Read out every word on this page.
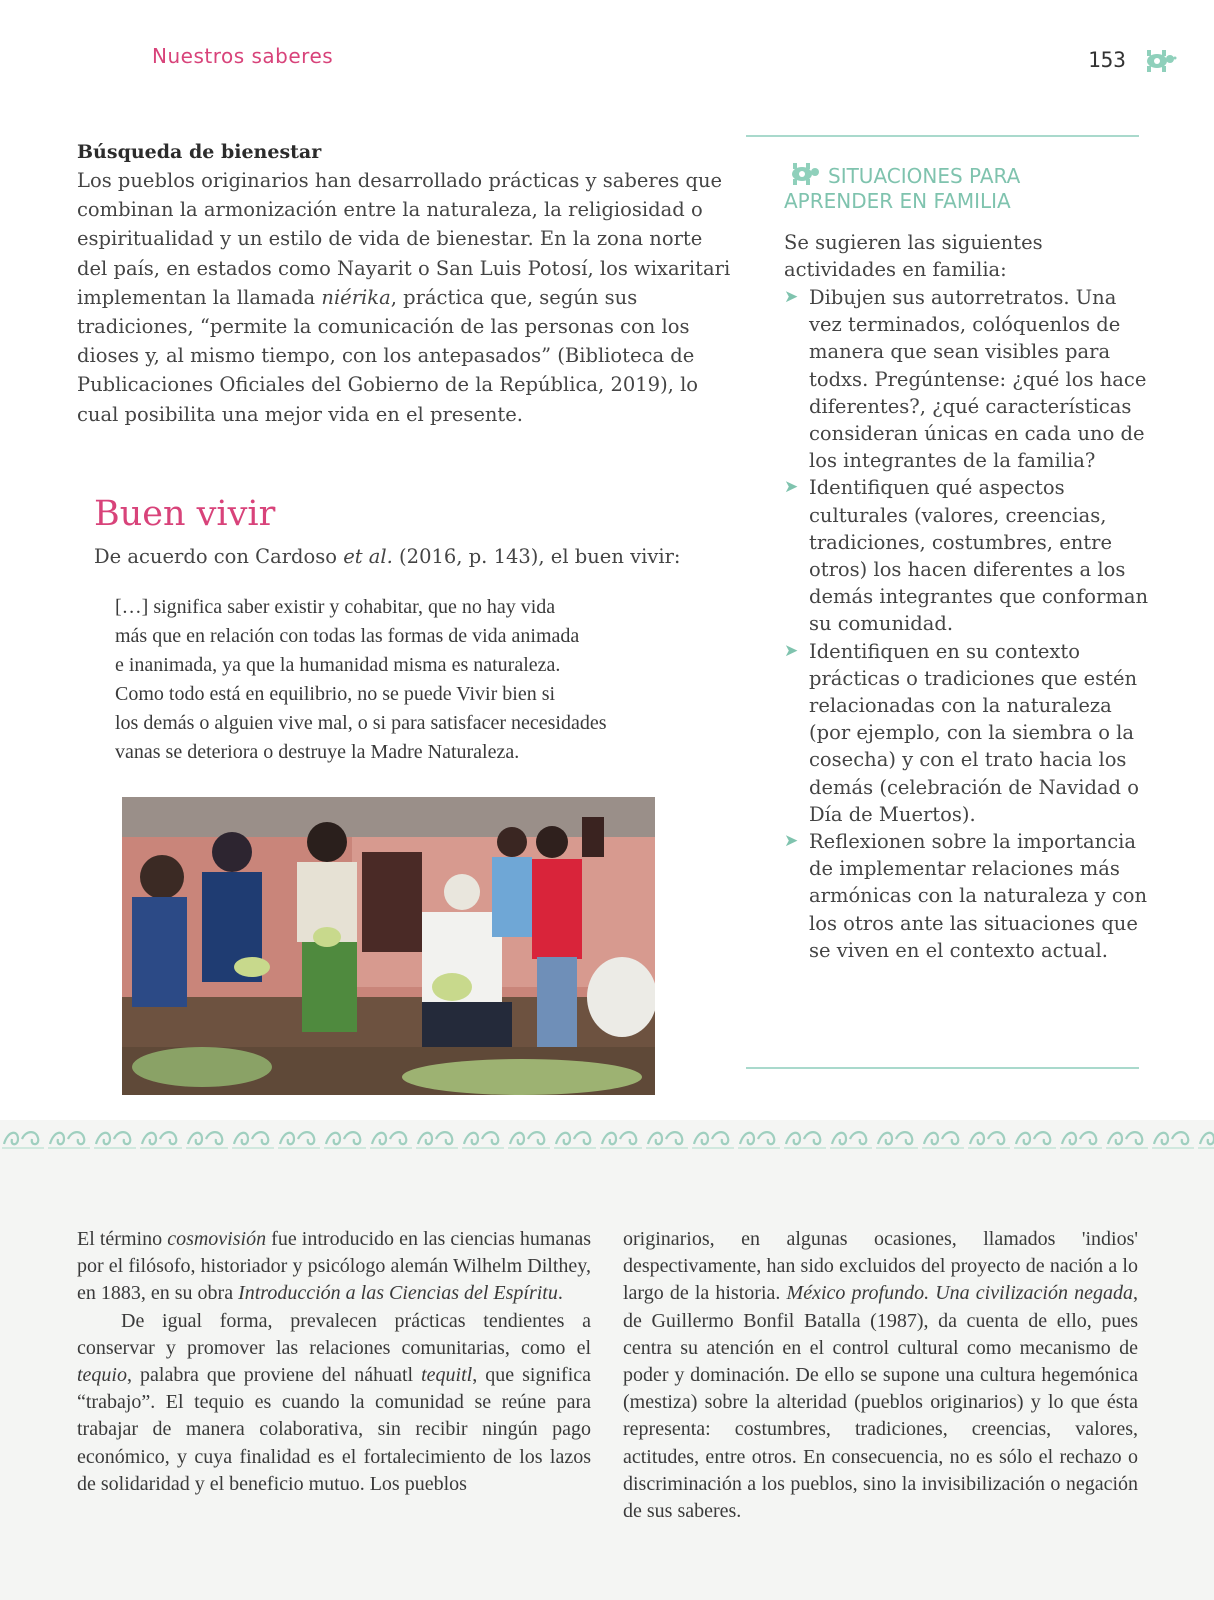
Nuestros saberes	153
Búsqueda de bienestar
Los pueblos originarios han desarrollado prácticas y saberes que combinan la armonización entre la naturaleza, la religiosidad o espiritualidad y un estilo de vida de bienestar. En la zona norte del país, en estados como Nayarit o San Luis Potosí, los wixaritari implementan la llamada niérika, práctica que, según sus tradiciones, “permite la comunicación de las personas con los dioses y, al mismo tiempo, con los antepasados” (Biblioteca de Publicaciones Oficiales del Gobierno de la República, 2019), lo cual posibilita una mejor vida en el presente.
Buen vivir
De acuerdo con Cardoso et al. (2016, p. 143), el buen vivir:
[…] significa saber existir y cohabitar, que no hay vida
más que en relación con todas las formas de vida animada
e inanimada, ya que la humanidad misma es naturaleza.
Como todo está en equilibrio, no se puede Vivir bien si
los demás o alguien vive mal, o si para satisfacer necesidades
vanas se deteriora o destruye la Madre Naturaleza.
SITUACIONES PARA
APRENDER EN FAMILIA
Se sugieren las siguientes actividades en familia:
➤ Dibujen sus autorretratos. Una vez terminados, colóquenlos de manera que sean visibles para todxs. Pregúntense: ¿qué los hace diferentes?, ¿qué características consideran únicas en cada uno de los integrantes de la familia?
➤ Identifiquen qué aspectos culturales (valores, creencias, tradiciones, costumbres, entre otros) los hacen diferentes a los demás integrantes que conforman su comunidad.
➤ Identifiquen en su contexto prácticas o tradiciones que estén relacionadas con la naturaleza (por ejemplo, con la siembra o la cosecha) y con el trato hacia los demás (celebración de Navidad o Día de Muertos).
➤ Reflexionen sobre la importancia de implementar relaciones más armónicas con la naturaleza y con los otros ante las situaciones que se viven en el contexto actual.

El término cosmovisión fue introducido en las ciencias humanas por el filósofo, historiador y psicólogo alemán Wilhelm Dilthey, en 1883, en su obra Introducción a las Ciencias del Espíritu.

De igual forma, prevalecen prácticas tendientes a conservar y promover las relaciones comunitarias, como el tequio, palabra que proviene del náhuatl tequitl, que significa “trabajo”. El tequio es cuando la comunidad se reúne para trabajar de manera colaborativa, sin recibir ningún pago económico, y cuya finalidad es el fortalecimiento de los lazos de solidaridad y el beneficio mutuo. Los pueblos

originarios, en algunas ocasiones, llamados 'indios' despectivamente, han sido excluidos del proyecto de nación a lo largo de la historia. México profundo. Una civilización negada, de Guillermo Bonfil Batalla (1987), da cuenta de ello, pues centra su atención en el control cultural como mecanismo de poder y dominación. De ello se supone una cultura hegemónica (mestiza) sobre la alteridad (pueblos originarios) y lo que ésta representa: costumbres, tradiciones, creencias, valores, actitudes, entre otros. En consecuencia, no es sólo el rechazo o discriminación a los pueblos, sino la invisibilización o negación de sus saberes.
